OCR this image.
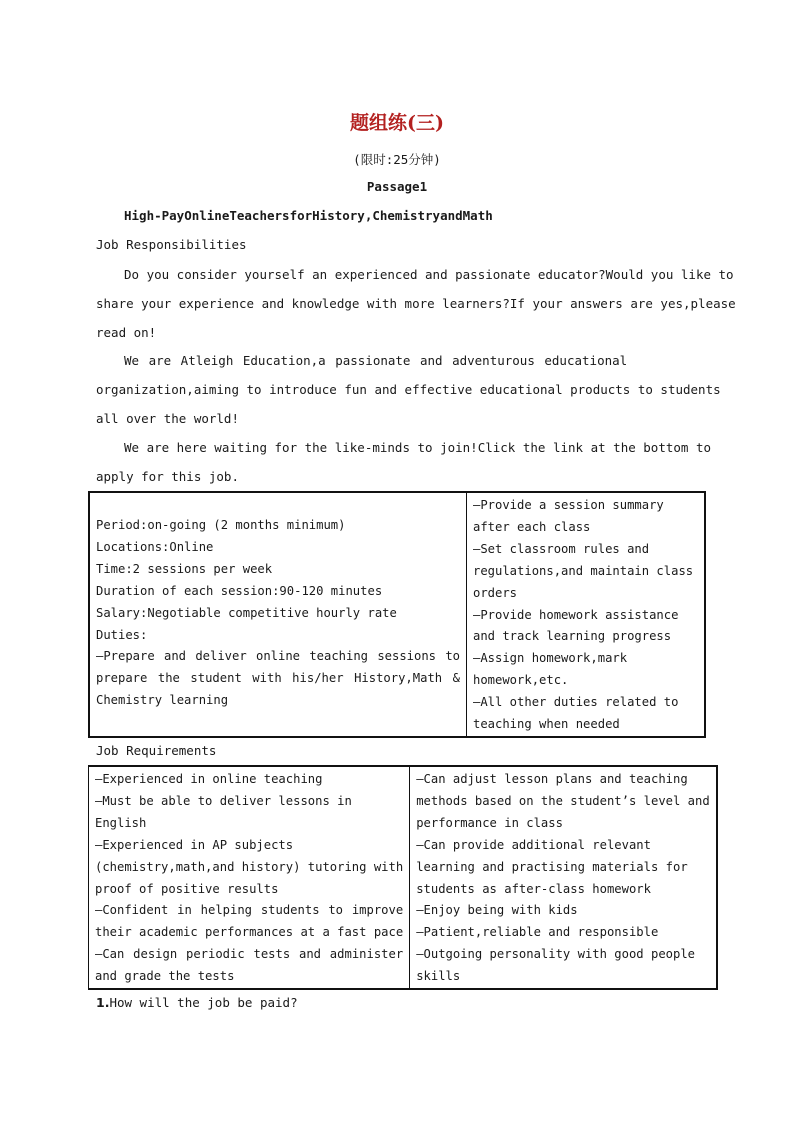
题组练(三)
(限时:25分钟)
Passage1
High-PayOnlineTeachersforHistory,ChemistryandMath
Job Responsibilities
Do you consider yourself an experienced and passionate educator?Would you like to
share your experience and knowledge with more learners?If your answers are yes,please
read on!
We are Atleigh Education,a passionate and adventurous educational
organization,aiming to introduce fun and effective educational products to students
all over the world!
We are here waiting for the like-minds to join!Click the link at the bottom to
apply for this job.
Period:on-going (2 months minimum)
Locations:Online
Time:2 sessions per week
Duration of each session:90-120 minutes
Salary:Negotiable competitive hourly rate
Duties:
—Prepare and deliver online teaching sessions to
prepare the student with his/her History,Math &
Chemistry learning

—Provide a session summary
after each class
—Set classroom rules and
regulations,and maintain class
orders
—Provide homework assistance
and track learning progress
—Assign homework,mark
homework,etc.
—All other duties related to
teaching when needed
Job Requirements
—Experienced in online teaching
—Must be able to deliver lessons in
English
—Experienced in AP subjects
(chemistry,math,and history) tutoring with
proof of positive results
—Confident in helping students to improve
their academic performances at a fast pace
—Can design periodic tests and administer
and grade the tests

—Can adjust lesson plans and teaching
methods based on the student’s level and
performance in class
—Can provide additional relevant
learning and practising materials for
students as after-class homework
—Enjoy being with kids
—Patient,reliable and responsible
—Outgoing personality with good people
skills
1.How will the job be paid?
